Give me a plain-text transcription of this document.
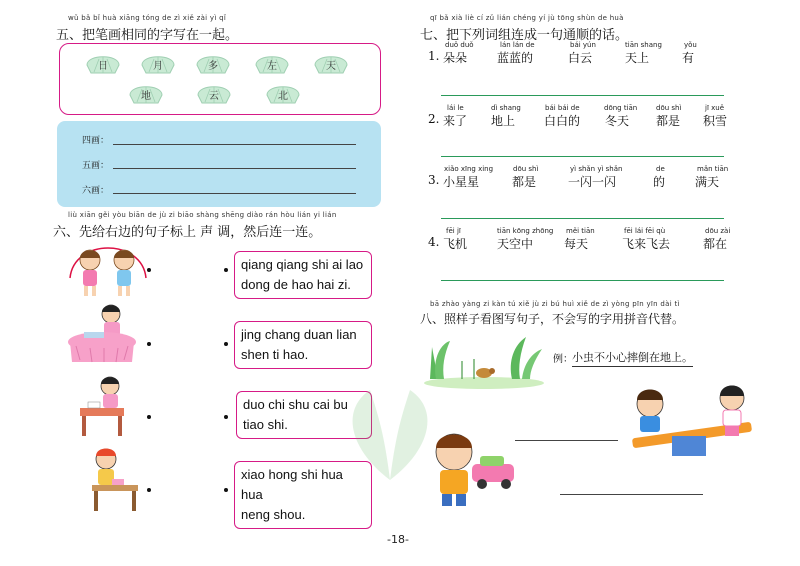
wǔ bǎ bǐ huà xiāng tóng de zì xiě zài yì qǐ
五、把笔画相同的字写在一起。
日	月	多	左	天
地	云	北
四画：
五画：
六画：
liù xiān gěi yòu biān de jù zi biāo shàng shēng diào rán hòu lián yi lián
六、先给右边的句子标上 声 调，然后连一连。
qiang qiang shi ai lao
dong de hao hai zi.
jing chang duan lian
shen ti hao.
duo chi shu cai bu
tiao shi.
xiao hong shi hua hua
neng shou.
qī bǎ xià liè cí zǔ lián chéng yí jù tōng shùn de huà
七、把下列词组连成一句通顺的话。
1.
duǒ duǒ
朵朵
lán lán de
蓝蓝的
bái yún
白云
tiān shang
天上
yǒu
有
2.
lái le
来了
dì shang
地上
bái bái de
白白的
dōng tiān
冬天
dōu shì
都是
jī xuě
积雪
3.
xiǎo xīng xing
小星星
dōu shì
都是
yì shǎn yì shǎn
一闪一闪
de
的
mǎn tiān
满天
4.
fēi jī
飞机
tiān kōng zhōng
天空中
měi tiān
每天
fēi lái fēi qù
飞来飞去
dōu zài
都在
bā zhào yàng zi kàn tú xiě jù zi bú huì xiě de zì yòng pīn yīn dài tì
八、照样子看图写句子，不会写的字用拼音代替。
例： 小虫不小心摔倒在地上。
-18-
